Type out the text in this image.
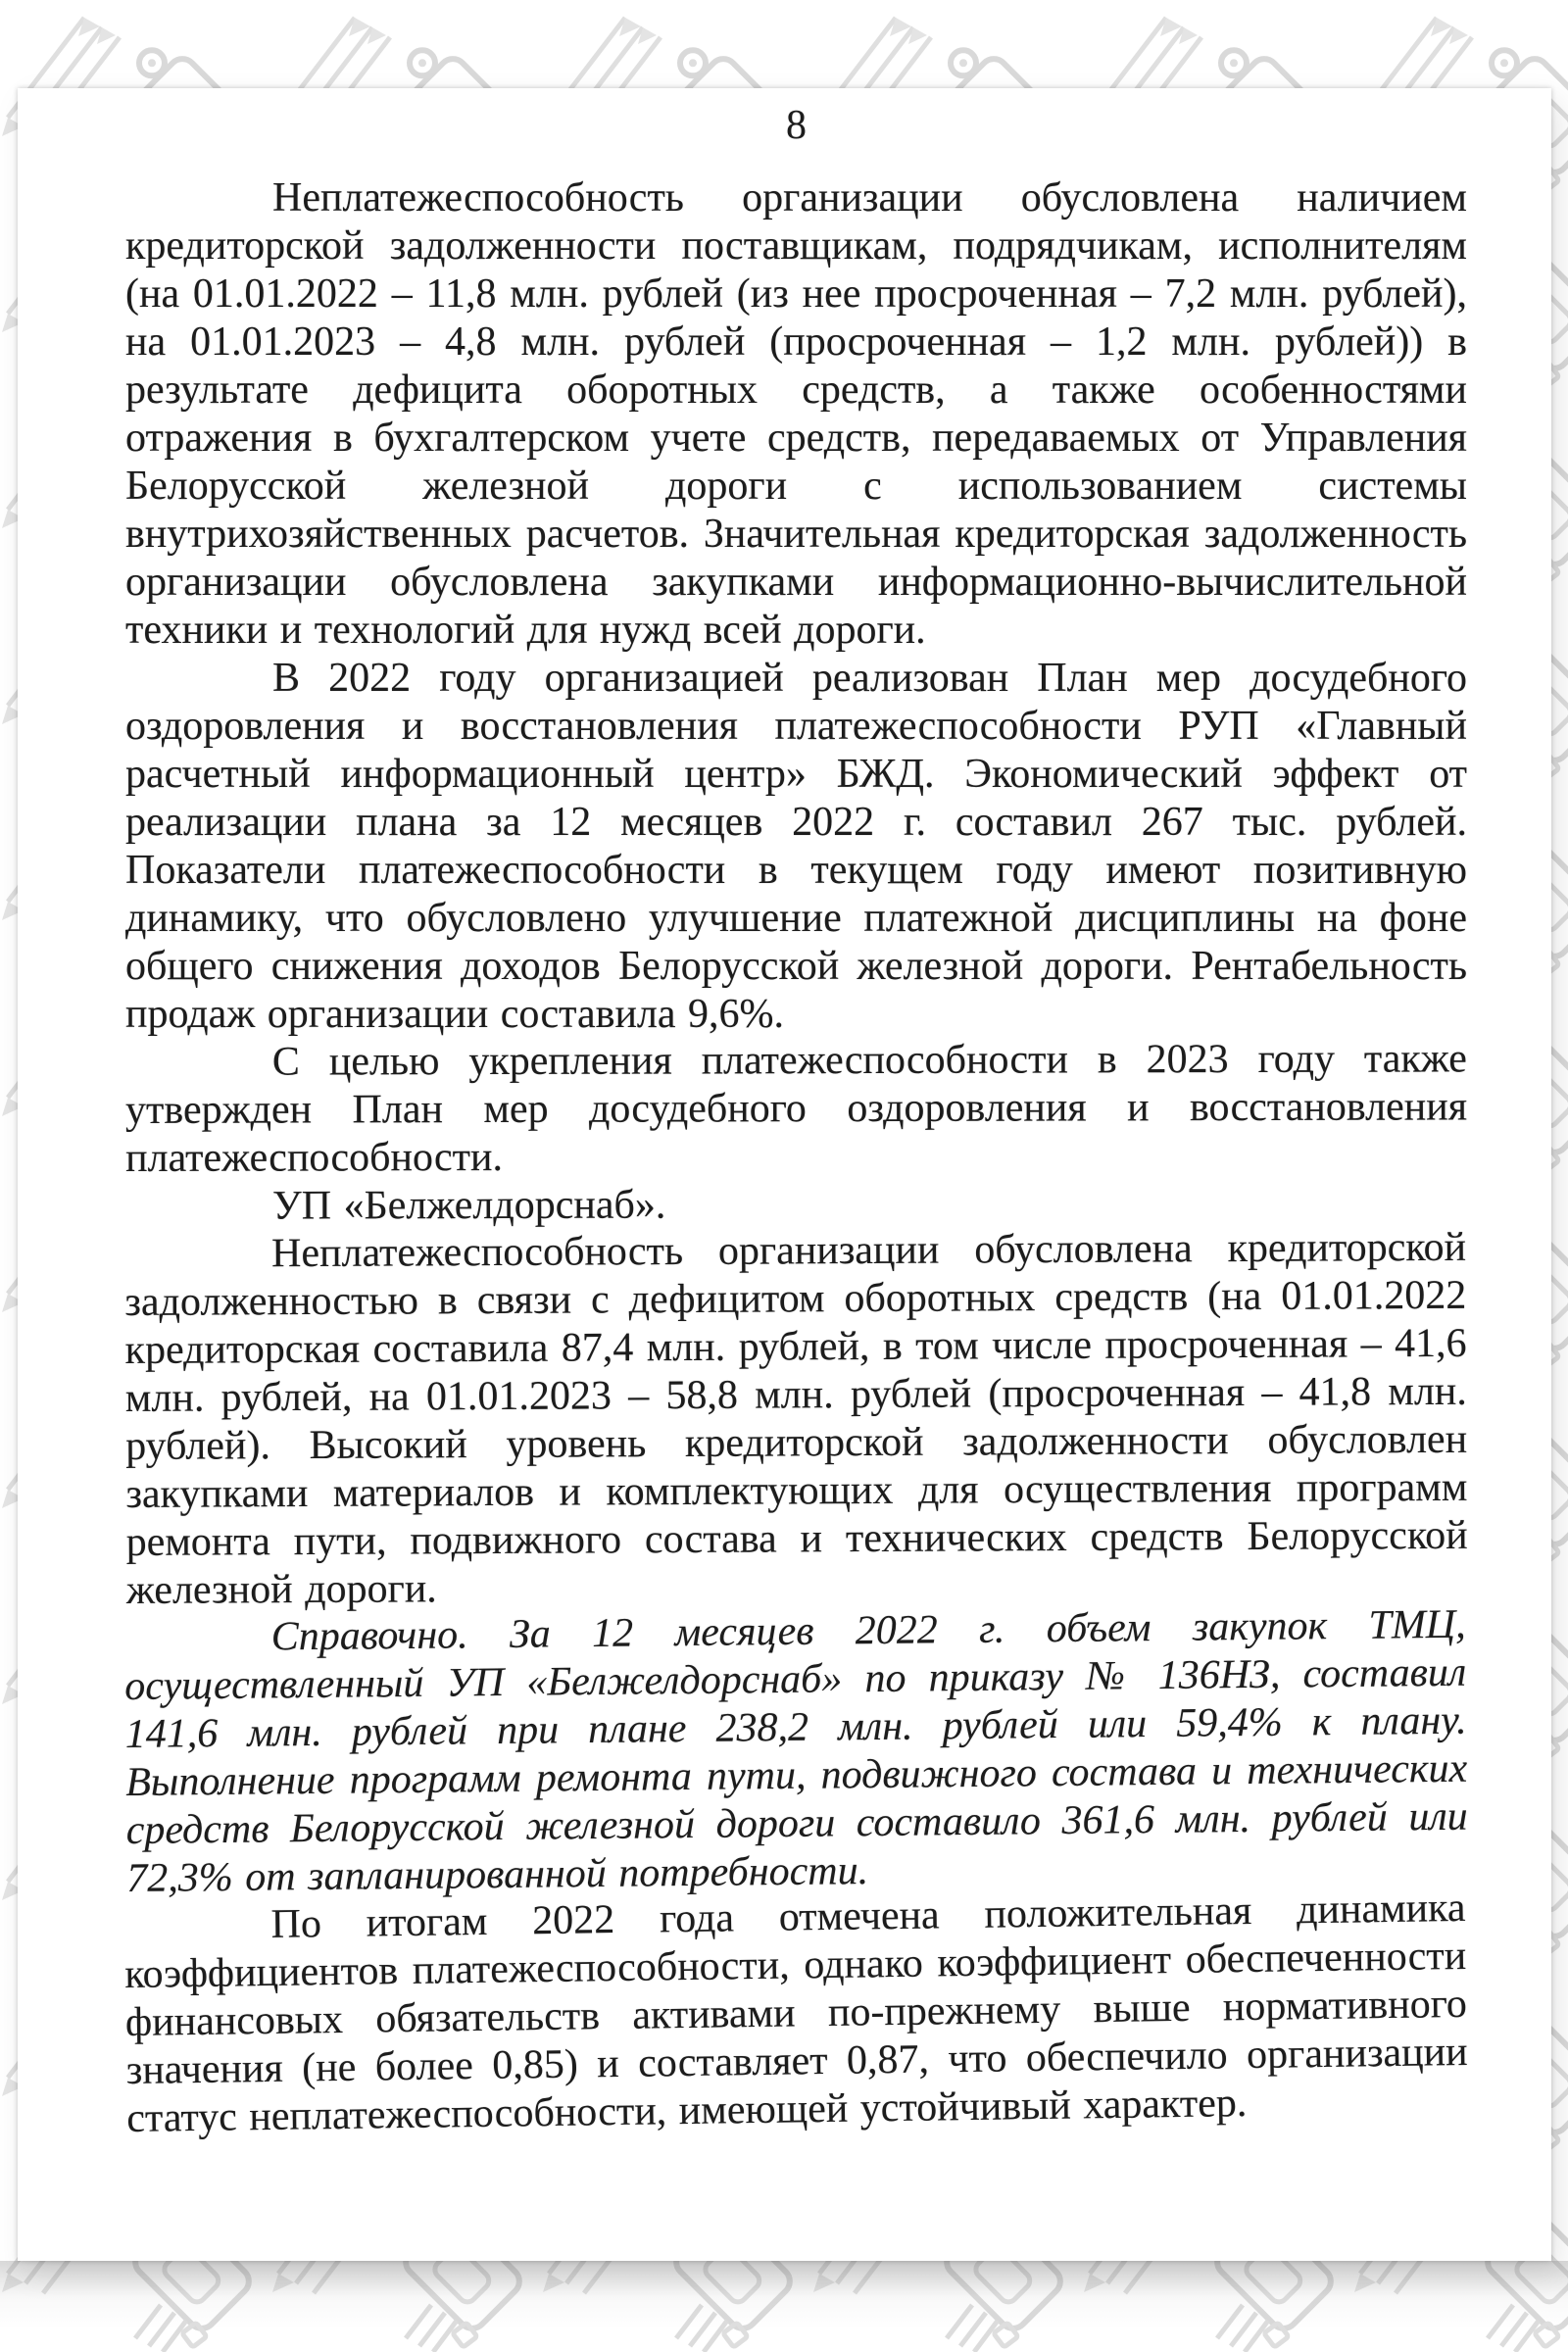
8

Неплатежеспособность организации обусловлена наличием кредиторской задолженности поставщикам, подрядчикам, исполнителям (на 01.01.2022 – 11,8 млн. рублей (из нее просроченная – 7,2 млн. рублей), на 01.01.2023 – 4,8 млн. рублей (просроченная – 1,2 млн. рублей)) в результате дефицита оборотных средств, а также особенностями отражения в бухгалтерском учете средств, передаваемых от Управления Белорусской железной дороги с использованием системы внутрихозяйственных расчетов. Значительная кредиторская задолженность организации обусловлена закупками информационно-вычислительной техники и технологий для нужд всей дороги.

В 2022 году организацией реализован План мер досудебного оздоровления и восстановления платежеспособности РУП «Главный расчетный информационный центр» БЖД. Экономический эффект от реализации плана за 12 месяцев 2022 г. составил 267 тыс. рублей. Показатели платежеспособности в текущем году имеют позитивную динамику, что обусловлено улучшение платежной дисциплины на фоне общего снижения доходов Белорусской железной дороги. Рентабельность продаж организации составила 9,6%.

С целью укрепления платежеспособности в 2023 году также утвержден План мер досудебного оздоровления и восстановления платежеспособности.

УП «Белжелдорснаб».

Неплатежеспособность организации обусловлена кредиторской задолженностью в связи с дефицитом оборотных средств (на 01.01.2022 кредиторская составила 87,4 млн. рублей, в том числе просроченная – 41,6 млн. рублей, на 01.01.2023 – 58,8 млн. рублей (просроченная – 41,8 млн. рублей). Высокий уровень кредиторской задолженности обусловлен закупками материалов и комплектующих для осуществления программ ремонта пути, подвижного состава и технических средств Белорусской железной дороги.

Справочно. За 12 месяцев 2022 г. объем закупок ТМЦ, осуществленный УП «Белжелдорснаб» по приказу № 136НЗ, составил 141,6 млн. рублей при плане 238,2 млн. рублей или 59,4% к плану. Выполнение программ ремонта пути, подвижного состава и технических средств Белорусской железной дороги составило 361,6 млн. рублей или 72,3% от запланированной потребности.

По итогам 2022 года отмечена положительная динамика коэффициентов платежеспособности, однако коэффициент обеспеченности финансовых обязательств активами по-прежнему выше нормативного значения (не более 0,85) и составляет 0,87, что обеспечило организации статус неплатежеспособности, имеющей устойчивый характер.
